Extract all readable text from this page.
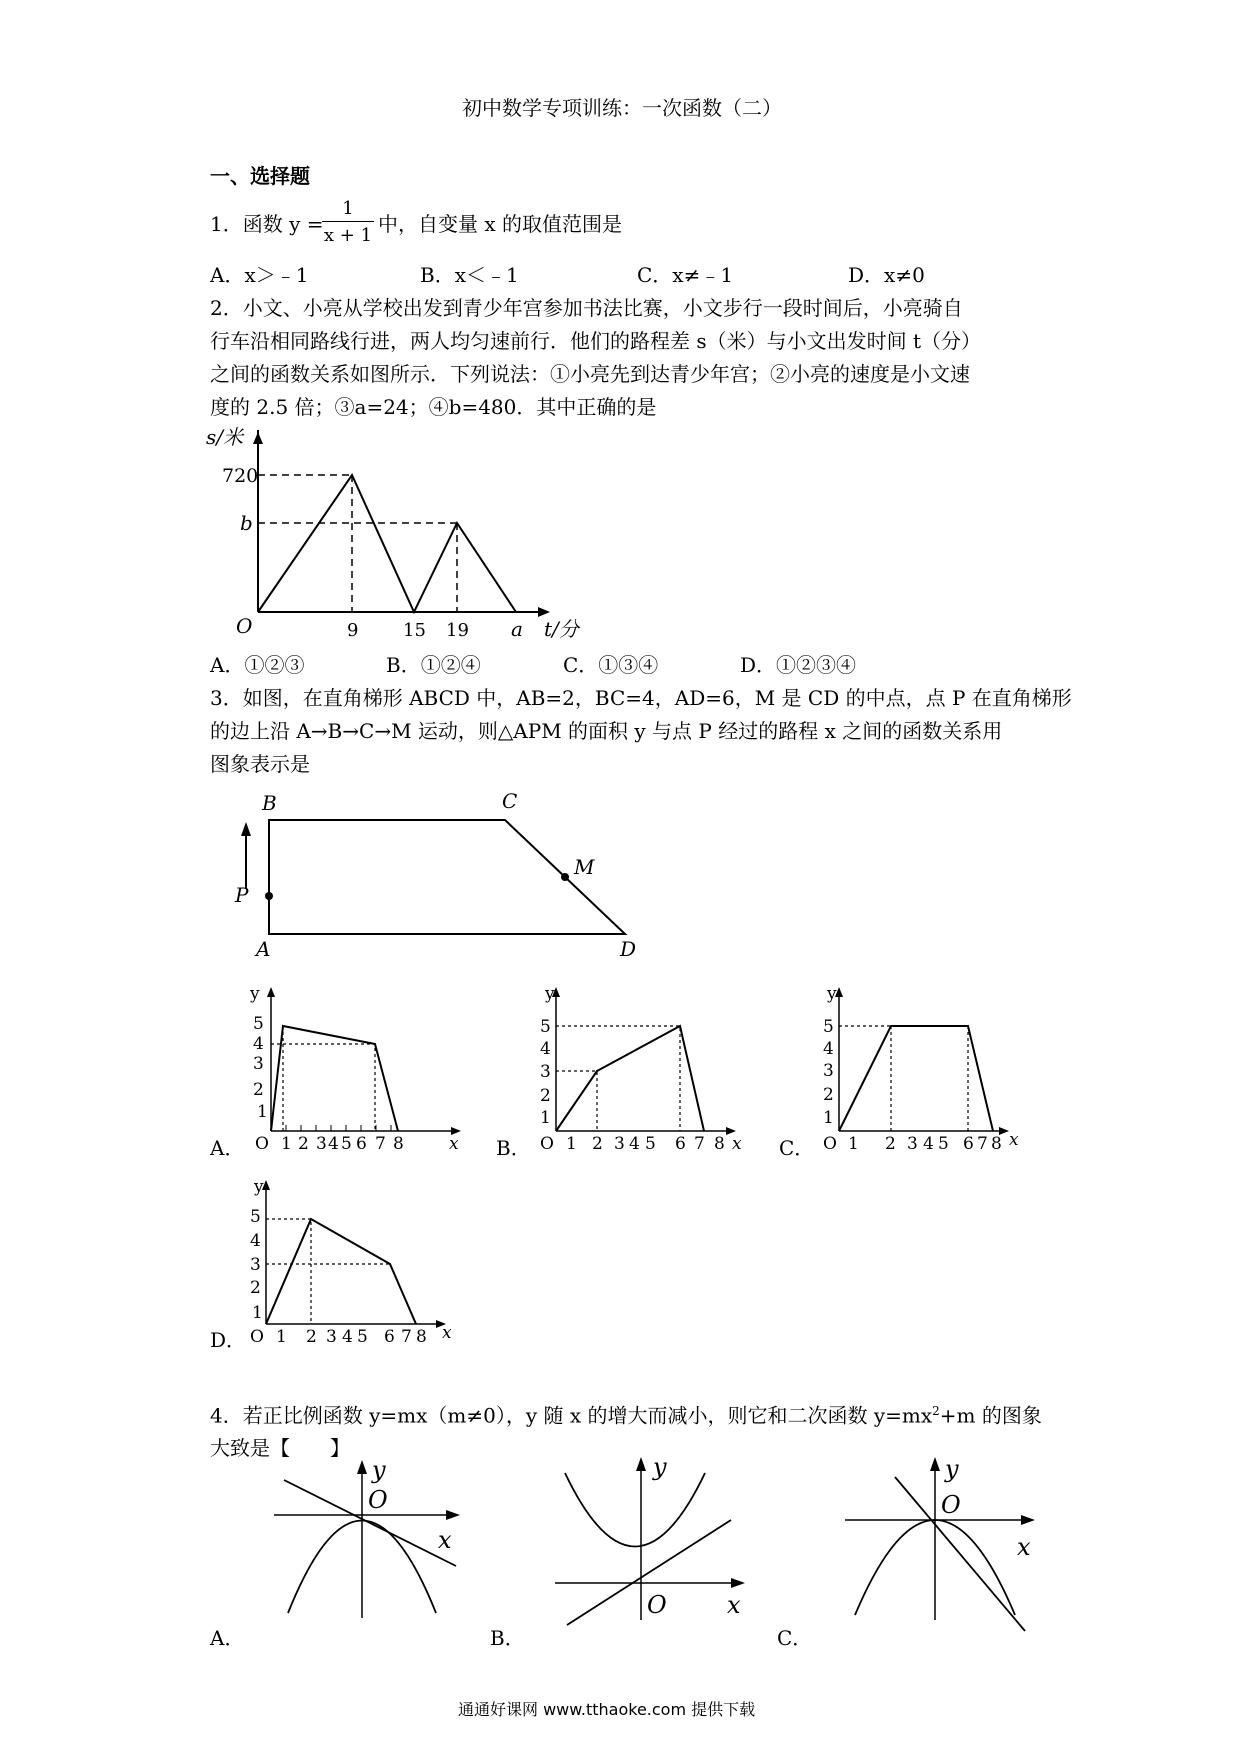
初中数学专项训练：一次函数（二）
一、选择题
1．函数 y =
1
x + 1 中，自变量 x 的取值范围是
A．x＞﹣1	B．x＜﹣1	C．x≠﹣1	D．x≠0
2．小文、小亮从学校出发到青少年宫参加书法比赛，小文步行一段时间后，小亮骑自
行车沿相同路线行进，两人均匀速前行．他们的路程差 s（米）与小文出发时间 t（分）
之间的函数关系如图所示．下列说法：①小亮先到达青少年宫；②小亮的速度是小文速
度的 2.5 倍；③a=24；④b=480．其中正确的是
s/米
720
b
O	9 15 19 a t/分
A．①②③	B．①②④	C．①③④	D．①②③④
3．如图，在直角梯形 ABCD 中，AB=2，BC=4，AD=6，M 是 CD 的中点，点 P 在直角梯形
的边上沿 A→B→C→M 运动，则△APM 的面积 y 与点 P 经过的路程 x 之间的函数关系用
图象表示是
B	C
M
P
A	D
y
5
4
3
2
1
O 1 2 3 4 5 6 7 8	x
A．
y
5
4
3
2
1
O 1 2 3 4 5 6 7 8 x
B．
y
5
4
3
2
1
O 1 2 3 4 5 6 7 8 x
C．
y
5
4
3
2
1
O 1 2 3 4 5 6 7 8 x
D．
4．若正比例函数 y=mx（m≠0），y 随 x 的增大而减小，则它和二次函数 $y=mx^2+m$ 的图象
大致是【　　】
y
O
x
A．
y
O	x
B．
y
O
x
C．
通通好课网 www.tthaoke.com 提供下载
